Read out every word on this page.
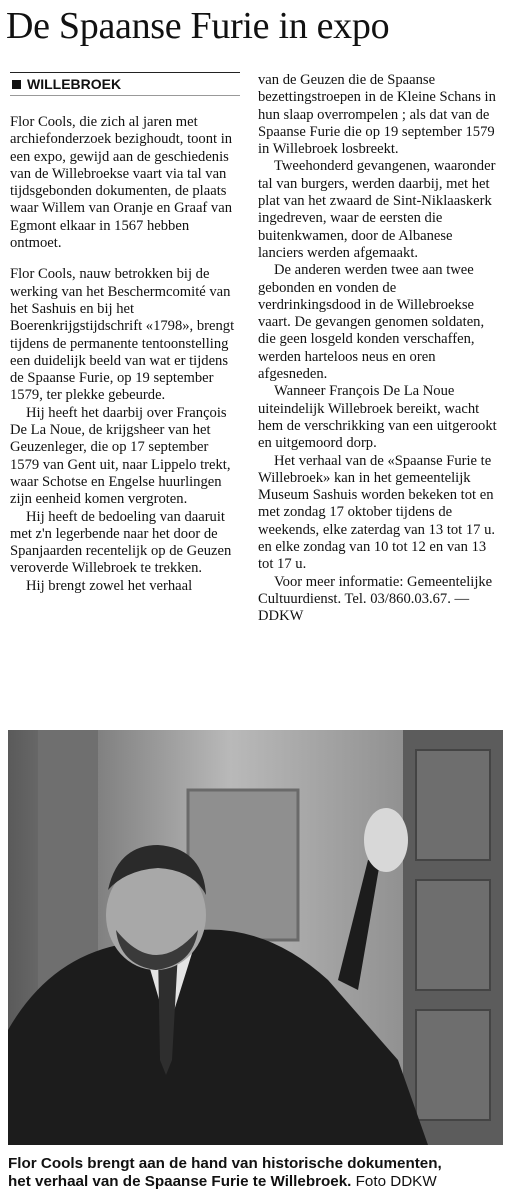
De Spaanse Furie in expo
WILLEBROEK

Flor Cools, die zich al jaren met archiefonderzoek bezighoudt, toont in een expo, gewijd aan de geschiedenis van de Willebroekse vaart via tal van tijdsgebonden dokumenten, de plaats waar Willem van Oranje en Graaf van Egmont elkaar in 1567 hebben ontmoet.

Flor Cools, nauw betrokken bij de werking van het Beschermcomité van het Sashuis en bij het Boerenkrijgstijdschrift «1798», brengt tijdens de permanente tentoonstelling een duidelijk beeld van wat er tijdens de Spaanse Furie, op 19 september 1579, ter plekke gebeurde.

Hij heeft het daarbij over François De La Noue, de krijgsheer van het Geuzenleger, die op 17 september 1579 van Gent uit, naar Lippelo trekt, waar Schotse en Engelse huurlingen zijn eenheid komen vergroten.

Hij heeft de bedoeling van daaruit met z'n legerbende naar het door de Spanjaarden recentelijk op de Geuzen veroverde Willebroek te trekken.

Hij brengt zowel het verhaal

van de Geuzen die de Spaanse bezettingstroepen in de Kleine Schans in hun slaap overrompelen ; als dat van de Spaanse Furie die op 19 september 1579 in Willebroek losbreekt.

Tweehonderd gevangenen, waaronder tal van burgers, werden daarbij, met het plat van het zwaard de Sint-Niklaaskerk ingedreven, waar de eersten die buitenkwamen, door de Albanese lanciers werden afgemaakt.

De anderen werden twee aan twee gebonden en vonden de verdrinkingsdood in de Willebroekse vaart. De gevangen genomen soldaten, die geen losgeld konden verschaffen, werden harteloos neus en oren afgesneden.

Wanneer François De La Noue uiteindelijk Willebroek bereikt, wacht hem de verschrikking van een uitgerookt en uitgemoord dorp.

Het verhaal van de «Spaanse Furie te Willebroek» kan in het gemeentelijk Museum Sashuis worden bekeken tot en met zondag 17 oktober tijdens de weekends, elke zaterdag van 13 tot 17 u. en elke zondag van 10 tot 12 en van 13 tot 17 u.

Voor meer informatie: Gemeentelijke Cultuurdienst. Tel. 03/860.03.67. — DDKW

Flor Cools brengt aan de hand van historische dokumenten,
het verhaal van de Spaanse Furie te Willebroek. Foto DDKW
